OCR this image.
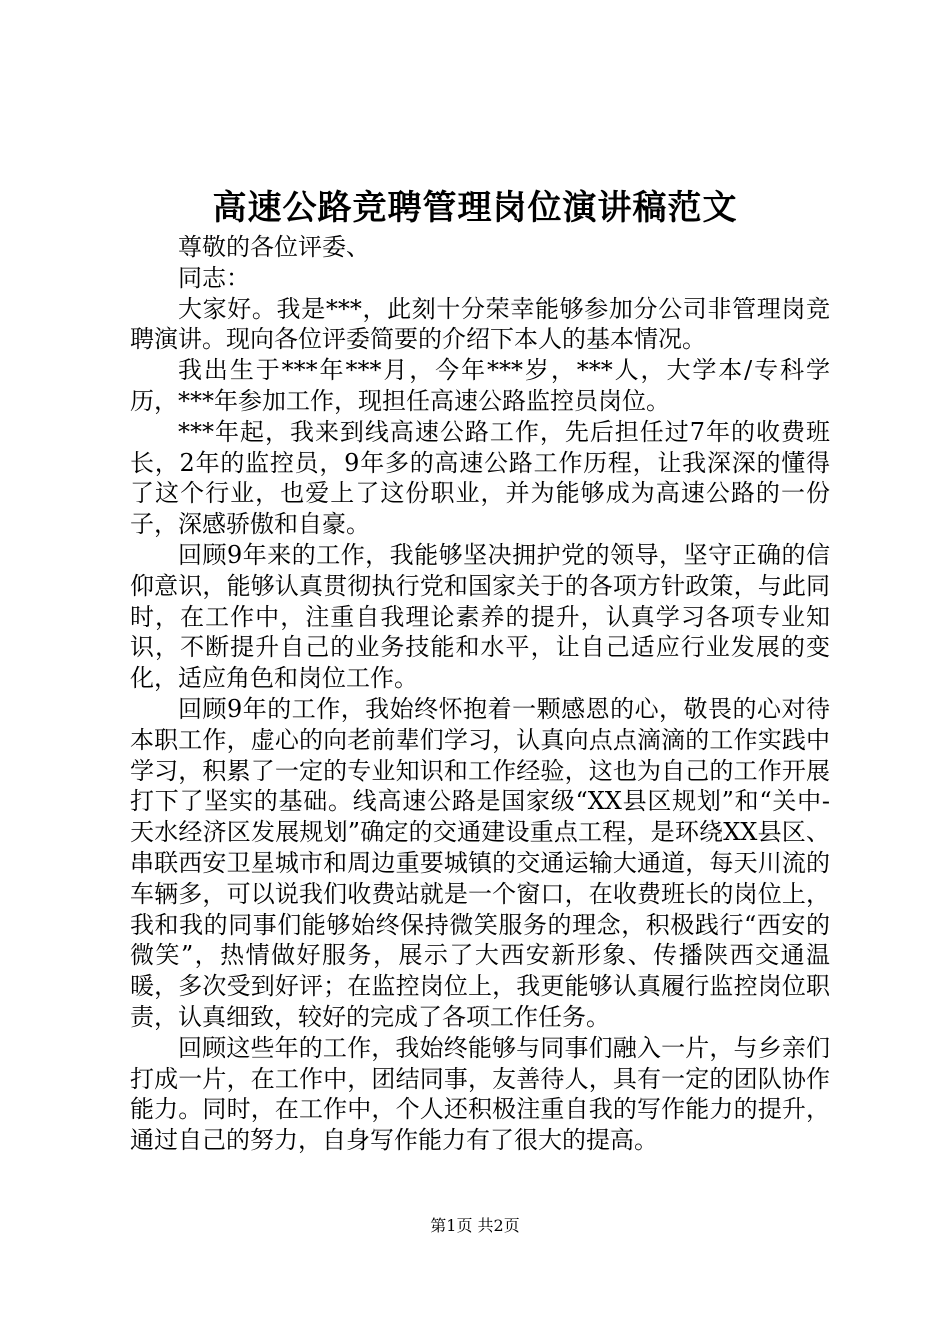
高速公路竞聘管理岗位演讲稿范文

尊敬的各位评委、

同志：

大家好。我是***，此刻十分荣幸能够参加分公司非管理岗竞聘演讲。现向各位评委简要的介绍下本人的基本情况。

我出生于***年***月，今年***岁，***人，大学本/专科学历，***年参加工作，现担任高速公路监控员岗位。

***年起，我来到线高速公路工作，先后担任过7年的收费班长，2年的监控员，9年多的高速公路工作历程，让我深深的懂得了这个行业，也爱上了这份职业，并为能够成为高速公路的一份子，深感骄傲和自豪。

回顾9年来的工作，我能够坚决拥护党的领导，坚守正确的信仰意识，能够认真贯彻执行党和国家关于的各项方针政策，与此同时，在工作中，注重自我理论素养的提升，认真学习各项专业知识，不断提升自己的业务技能和水平，让自己适应行业发展的变化，适应角色和岗位工作。

回顾9年的工作，我始终怀抱着一颗感恩的心，敬畏的心对待本职工作，虚心的向老前辈们学习，认真向点点滴滴的工作实践中学习，积累了一定的专业知识和工作经验，这也为自己的工作开展打下了坚实的基础。线高速公路是国家级“XX县区规划”和“关中-天水经济区发展规划”确定的交通建设重点工程，是环绕XX县区、串联西安卫星城市和周边重要城镇的交通运输大通道，每天川流的车辆多，可以说我们收费站就是一个窗口，在收费班长的岗位上，我和我的同事们能够始终保持微笑服务的理念，积极践行“西安的微笑”，热情做好服务，展示了大西安新形象、传播陕西交通温暖，多次受到好评；在监控岗位上，我更能够认真履行监控岗位职责，认真细致，较好的完成了各项工作任务。

回顾这些年的工作，我始终能够与同事们融入一片，与乡亲们打成一片，在工作中，团结同事，友善待人，具有一定的团队协作能力。同时，在工作中，个人还积极注重自我的写作能力的提升，通过自己的努力，自身写作能力有了很大的提高。

第1页 共2页
